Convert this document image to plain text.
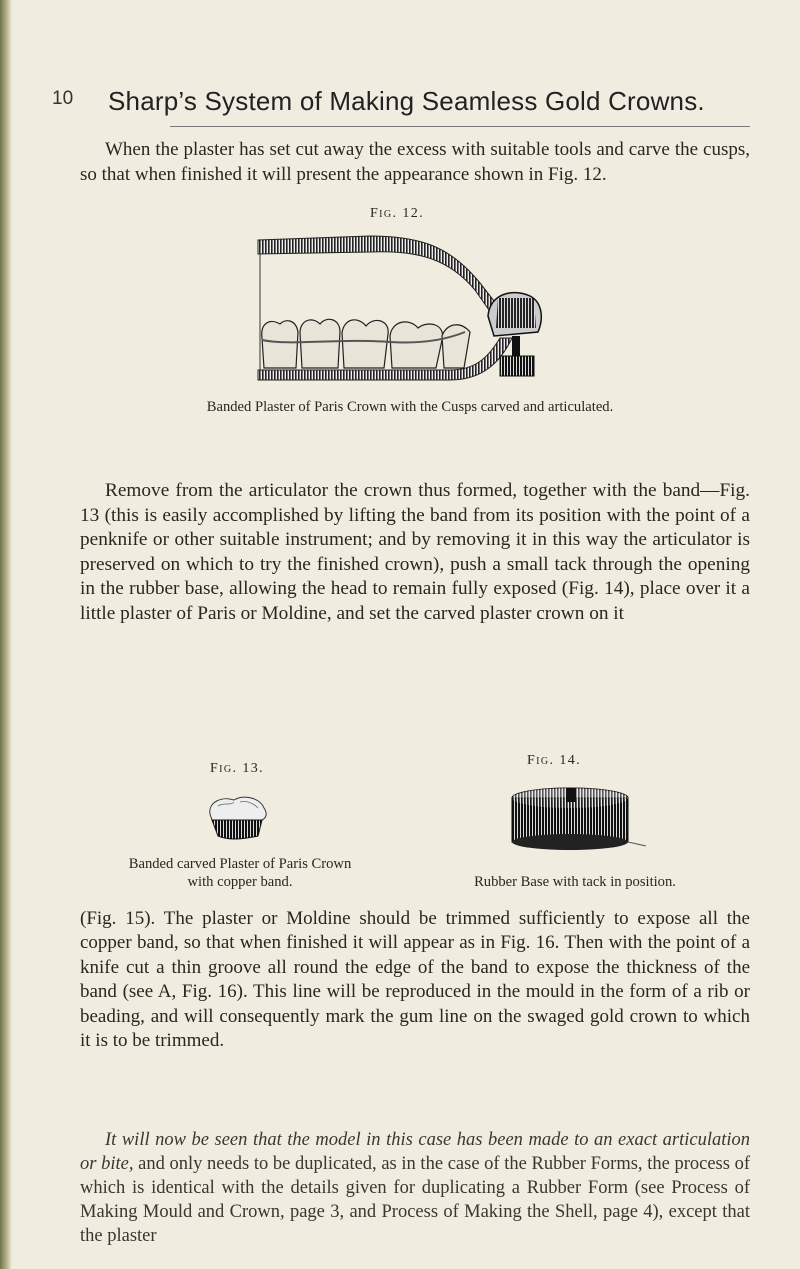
10 Sharp’s System of Making Seamless Gold Crowns.

When the plaster has set cut away the excess with suitable tools and carve the cusps, so that when finished it will present the appearance shown in Fig. 12.

Fig. 12.
Banded Plaster of Paris Crown with the Cusps carved and articulated.

Remove from the articulator the crown thus formed, together with the band—Fig. 13 (this is easily accomplished by lifting the band from its position with the point of a penknife or other suitable instrument; and by removing it in this way the articulator is preserved on which to try the finished crown), push a small tack through the opening in the rubber base, allowing the head to remain fully exposed (Fig. 14), place over it a little plaster of Paris or Moldine, and set the carved plaster crown on it

Fig. 13.
Fig. 14.
Banded carved Plaster of Paris Crown
with copper band.	Rubber Base with tack in position.

(Fig. 15). The plaster or Moldine should be trimmed sufficiently to expose all the copper band, so that when finished it will appear as in Fig. 16. Then with the point of a knife cut a thin groove all round the edge of the band to expose the thickness of the band (see A, Fig. 16). This line will be reproduced in the mould in the form of a rib or beading, and will consequently mark the gum line on the swaged gold crown to which it is to be trimmed.

It will now be seen that the model in this case has been made to an exact articulation or bite, and only needs to be duplicated, as in the case of the Rubber Forms, the process of which is identical with the details given for duplicating a Rubber Form (see Process of Making Mould and Crown, page 3, and Process of Making the Shell, page 4), except that the plaster
